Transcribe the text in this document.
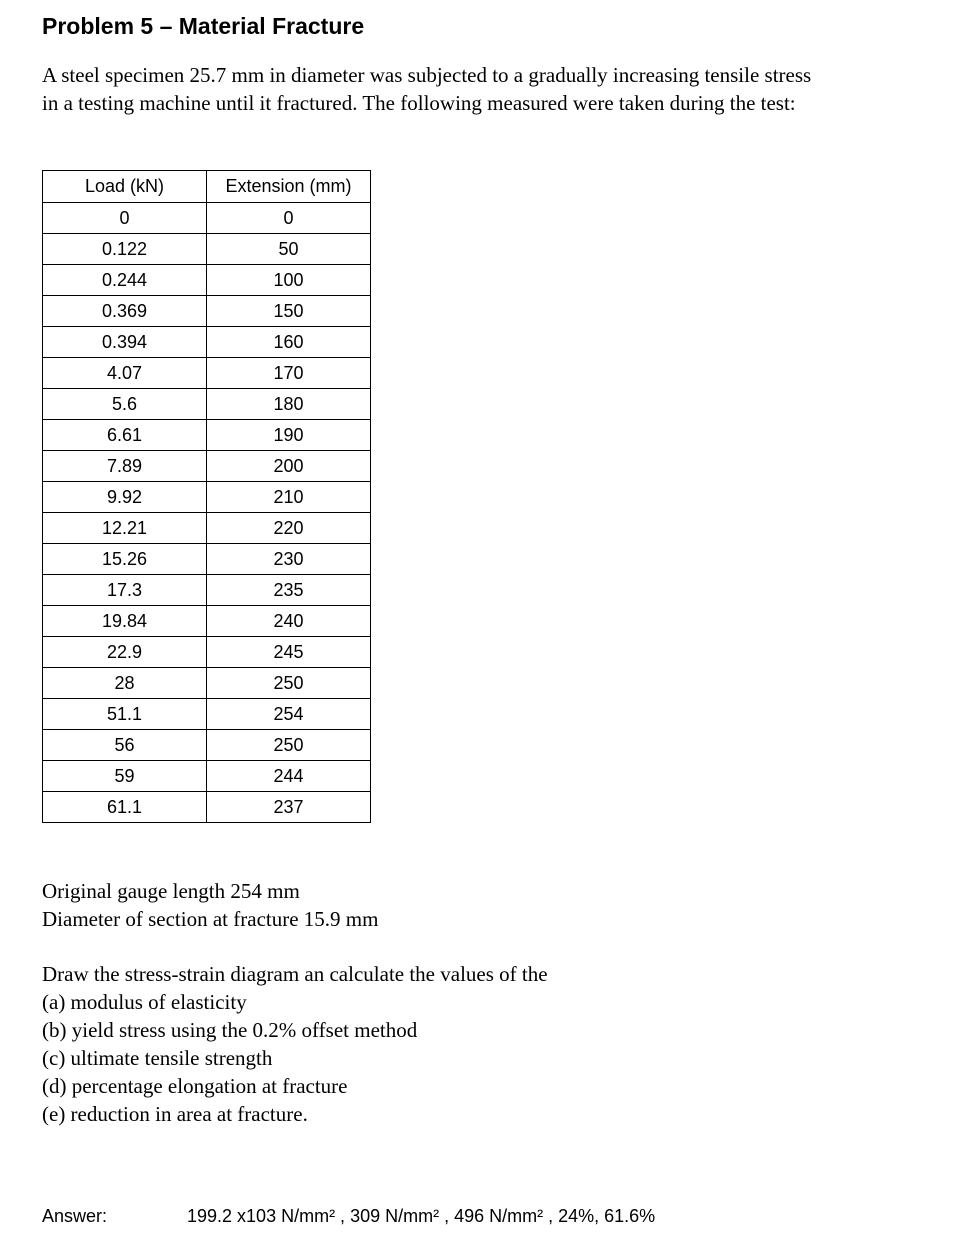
Problem 5 – Material Fracture
A steel specimen 25.7 mm in diameter was subjected to a gradually increasing tensile stress
in a testing machine until it fractured. The following measured were taken during the test:
Load (kN)	Extension (mm)
0	0
0.122	50
0.244	100
0.369	150
0.394	160
4.07	170
5.6	180
6.61	190
7.89	200
9.92	210
12.21	220
15.26	230
17.3	235
19.84	240
22.9	245
28	250
51.1	254
56	250
59	244
61.1	237
Original gauge length 254 mm
Diameter of section at fracture 15.9 mm
Draw the stress-strain diagram an calculate the values of the
(a) modulus of elasticity
(b) yield stress using the 0.2% offset method
(c) ultimate tensile strength
(d) percentage elongation at fracture
(e) reduction in area at fracture.
Answer:	199.2 x103 N/mm² , 309 N/mm² , 496 N/mm² , 24%, 61.6%
